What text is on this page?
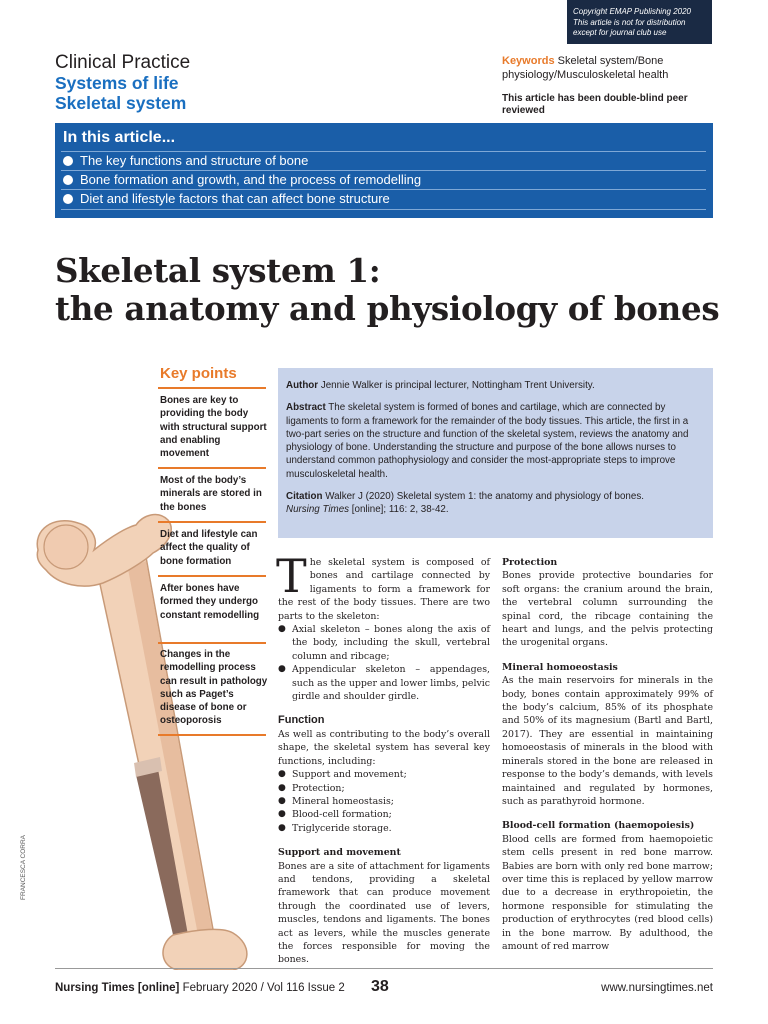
Copyright EMAP Publishing 2020
This article is not for distribution
except for journal club use
Clinical Practice
Systems of life
Skeletal system
Keywords Skeletal system/Bone physiology/Musculoskeletal health
This article has been double-blind peer reviewed
In this article...
The key functions and structure of bone
Bone formation and growth, and the process of remodelling
Diet and lifestyle factors that can affect bone structure
Skeletal system 1:
the anatomy and physiology of bones
FRANCESCA CORRA
Key points
Bones are key to providing the body with structural support and enabling movement
Most of the body’s minerals are stored in the bones
Diet and lifestyle can affect the quality of bone formation
After bones have formed they undergo constant remodelling
Changes in the remodelling process can result in pathology such as Paget’s disease of bone or osteoporosis

Author Jennie Walker is principal lecturer, Nottingham Trent University.

Abstract The skeletal system is formed of bones and cartilage, which are connected by ligaments to form a framework for the remainder of the body tissues. This article, the first in a two-part series on the structure and function of the skeletal system, reviews the anatomy and physiology of bone. Understanding the structure and purpose of the bone allows nurses to understand common pathophysiology and consider the most-appropriate steps to improve musculoskeletal health.

Citation Walker J (2020) Skeletal system 1: the anatomy and physiology of bones.
Nursing Times [online]; 116: 2, 38-42.

The skeletal system is composed of bones and cartilage connected by ligaments to form a framework for the rest of the body tissues. There are two parts to the skeleton:

● Axial skeleton – bones along the axis of the body, including the skull, vertebral column and ribcage;
● Appendicular skeleton – appendages, such as the upper and lower limbs, pelvic girdle and shoulder girdle.

Function

As well as contributing to the body’s overall shape, the skeletal system has several key functions, including:

● Support and movement;
● Protection;
● Mineral homeostasis;
● Blood-cell formation;
● Triglyceride storage.

Support and movement

Bones are a site of attachment for ligaments and tendons, providing a skeletal framework that can produce movement through the coordinated use of levers, muscles, tendons and ligaments. The bones act as levers, while the muscles generate the forces responsible for moving the bones.

Protection

Bones provide protective boundaries for soft organs: the cranium around the brain, the vertebral column surrounding the spinal cord, the ribcage containing the heart and lungs, and the pelvis protecting the urogenital organs.

Mineral homoeostasis

As the main reservoirs for minerals in the body, bones contain approximately 99% of the body’s calcium, 85% of its phosphate and 50% of its magnesium (Bartl and Bartl, 2017). They are essential in maintaining homoeostasis of minerals in the blood with minerals stored in the bone are released in response to the body’s demands, with levels maintained and regulated by hormones, such as parathyroid hormone.

Blood-cell formation (haemopoiesis)

Blood cells are formed from haemopoietic stem cells present in red bone marrow. Babies are born with only red bone marrow; over time this is replaced by yellow marrow due to a decrease in erythropoietin, the hormone responsible for stimulating the production of erythrocytes (red blood cells) in the bone marrow. By adulthood, the amount of red marrow

Nursing Times [online] February 2020 / Vol 116 Issue 2 38	www.nursingtimes.net
